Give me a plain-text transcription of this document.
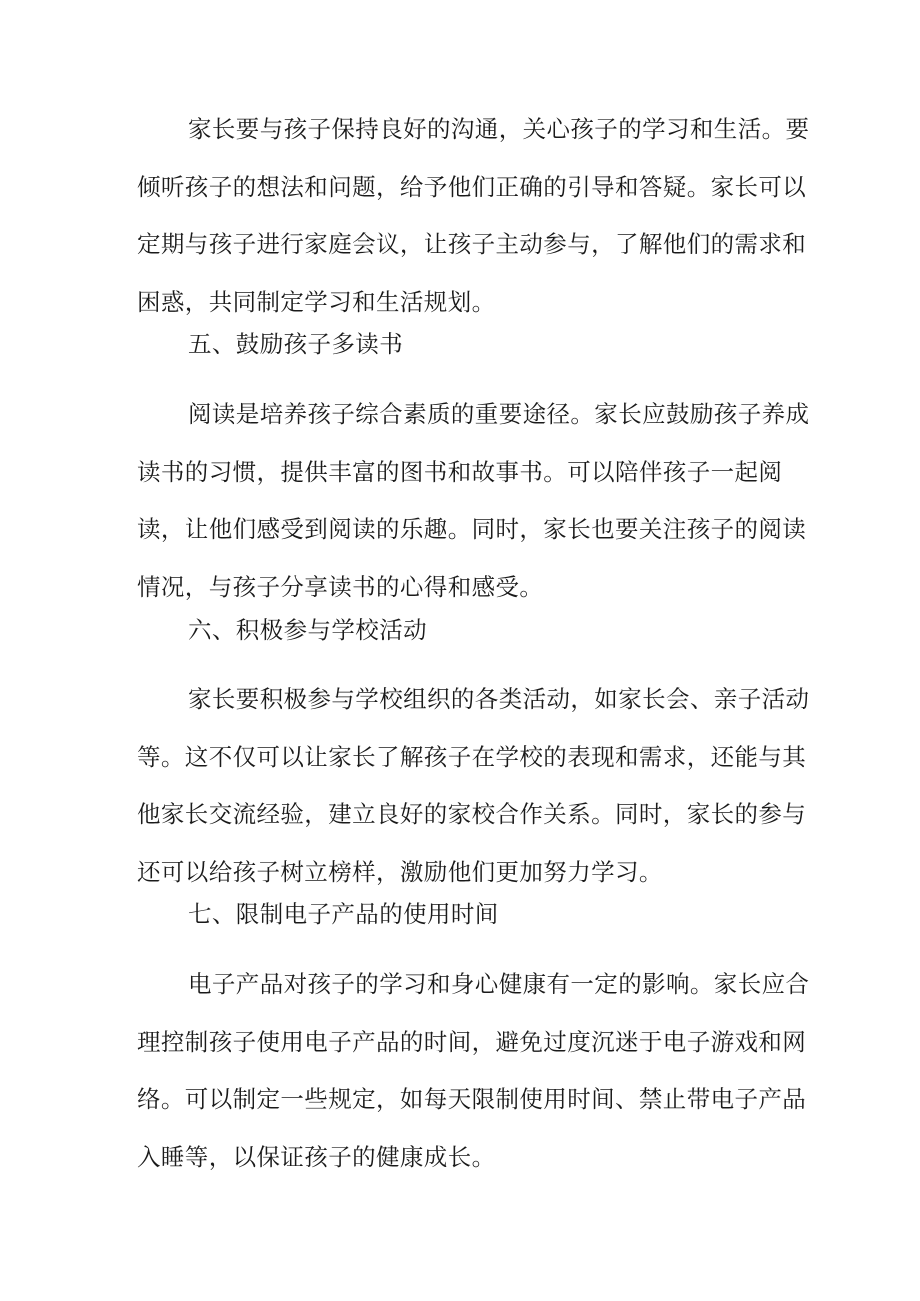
家长要与孩子保持良好的沟通，关心孩子的学习和生活。要
倾听孩子的想法和问题，给予他们正确的引导和答疑。家长可以
定期与孩子进行家庭会议，让孩子主动参与，了解他们的需求和
困惑，共同制定学习和生活规划。
五、鼓励孩子多读书
阅读是培养孩子综合素质的重要途径。家长应鼓励孩子养成
读书的习惯，提供丰富的图书和故事书。可以陪伴孩子一起阅
读，让他们感受到阅读的乐趣。同时，家长也要关注孩子的阅读
情况，与孩子分享读书的心得和感受。
六、积极参与学校活动
家长要积极参与学校组织的各类活动，如家长会、亲子活动
等。这不仅可以让家长了解孩子在学校的表现和需求，还能与其
他家长交流经验，建立良好的家校合作关系。同时，家长的参与
还可以给孩子树立榜样，激励他们更加努力学习。
七、限制电子产品的使用时间
电子产品对孩子的学习和身心健康有一定的影响。家长应合
理控制孩子使用电子产品的时间，避免过度沉迷于电子游戏和网
络。可以制定一些规定，如每天限制使用时间、禁止带电子产品
入睡等，以保证孩子的健康成长。
